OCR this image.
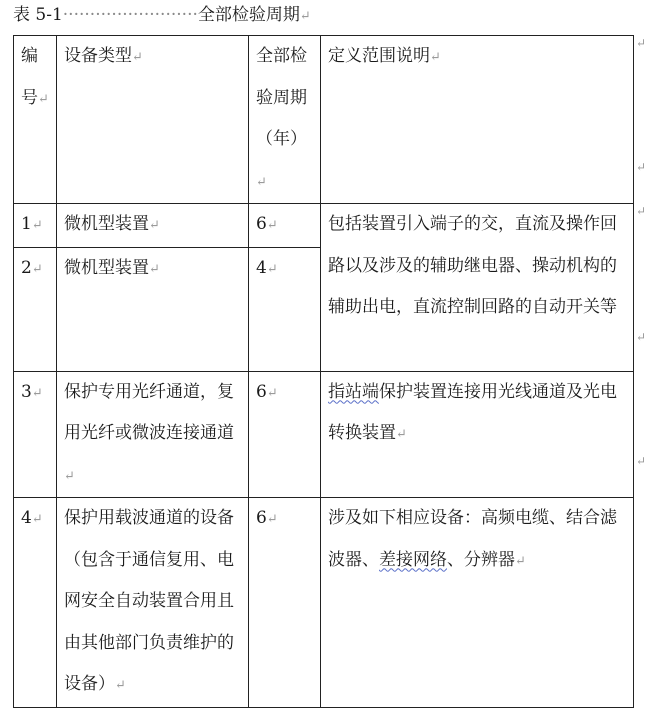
表 5-1·························全部检验周期↵
编号↵	设备类型↵	全部检验周期（年）↵	定义范围说明↵
1↵	微机型装置↵	6↵	包括装置引入端子的交，直流及操作回路以及涉及的辅助继电器、操动机构的辅助出电，直流控制回路的自动开关等
2↵	微机型装置↵	4↵	
3↵	保护专用光纤通道，复用光纤或微波连接通道↵	6↵	指站端保护装置连接用光线通道及光电转换装置↵
4↵	保护用载波通道的设备（包含于通信复用、电网安全自动装置合用且由其他部门负责维护的设备）↵	6↵	涉及如下相应设备：高频电缆、结合滤波器、差接网络、分辨器↵
↵
↵
↵
↵
↵
